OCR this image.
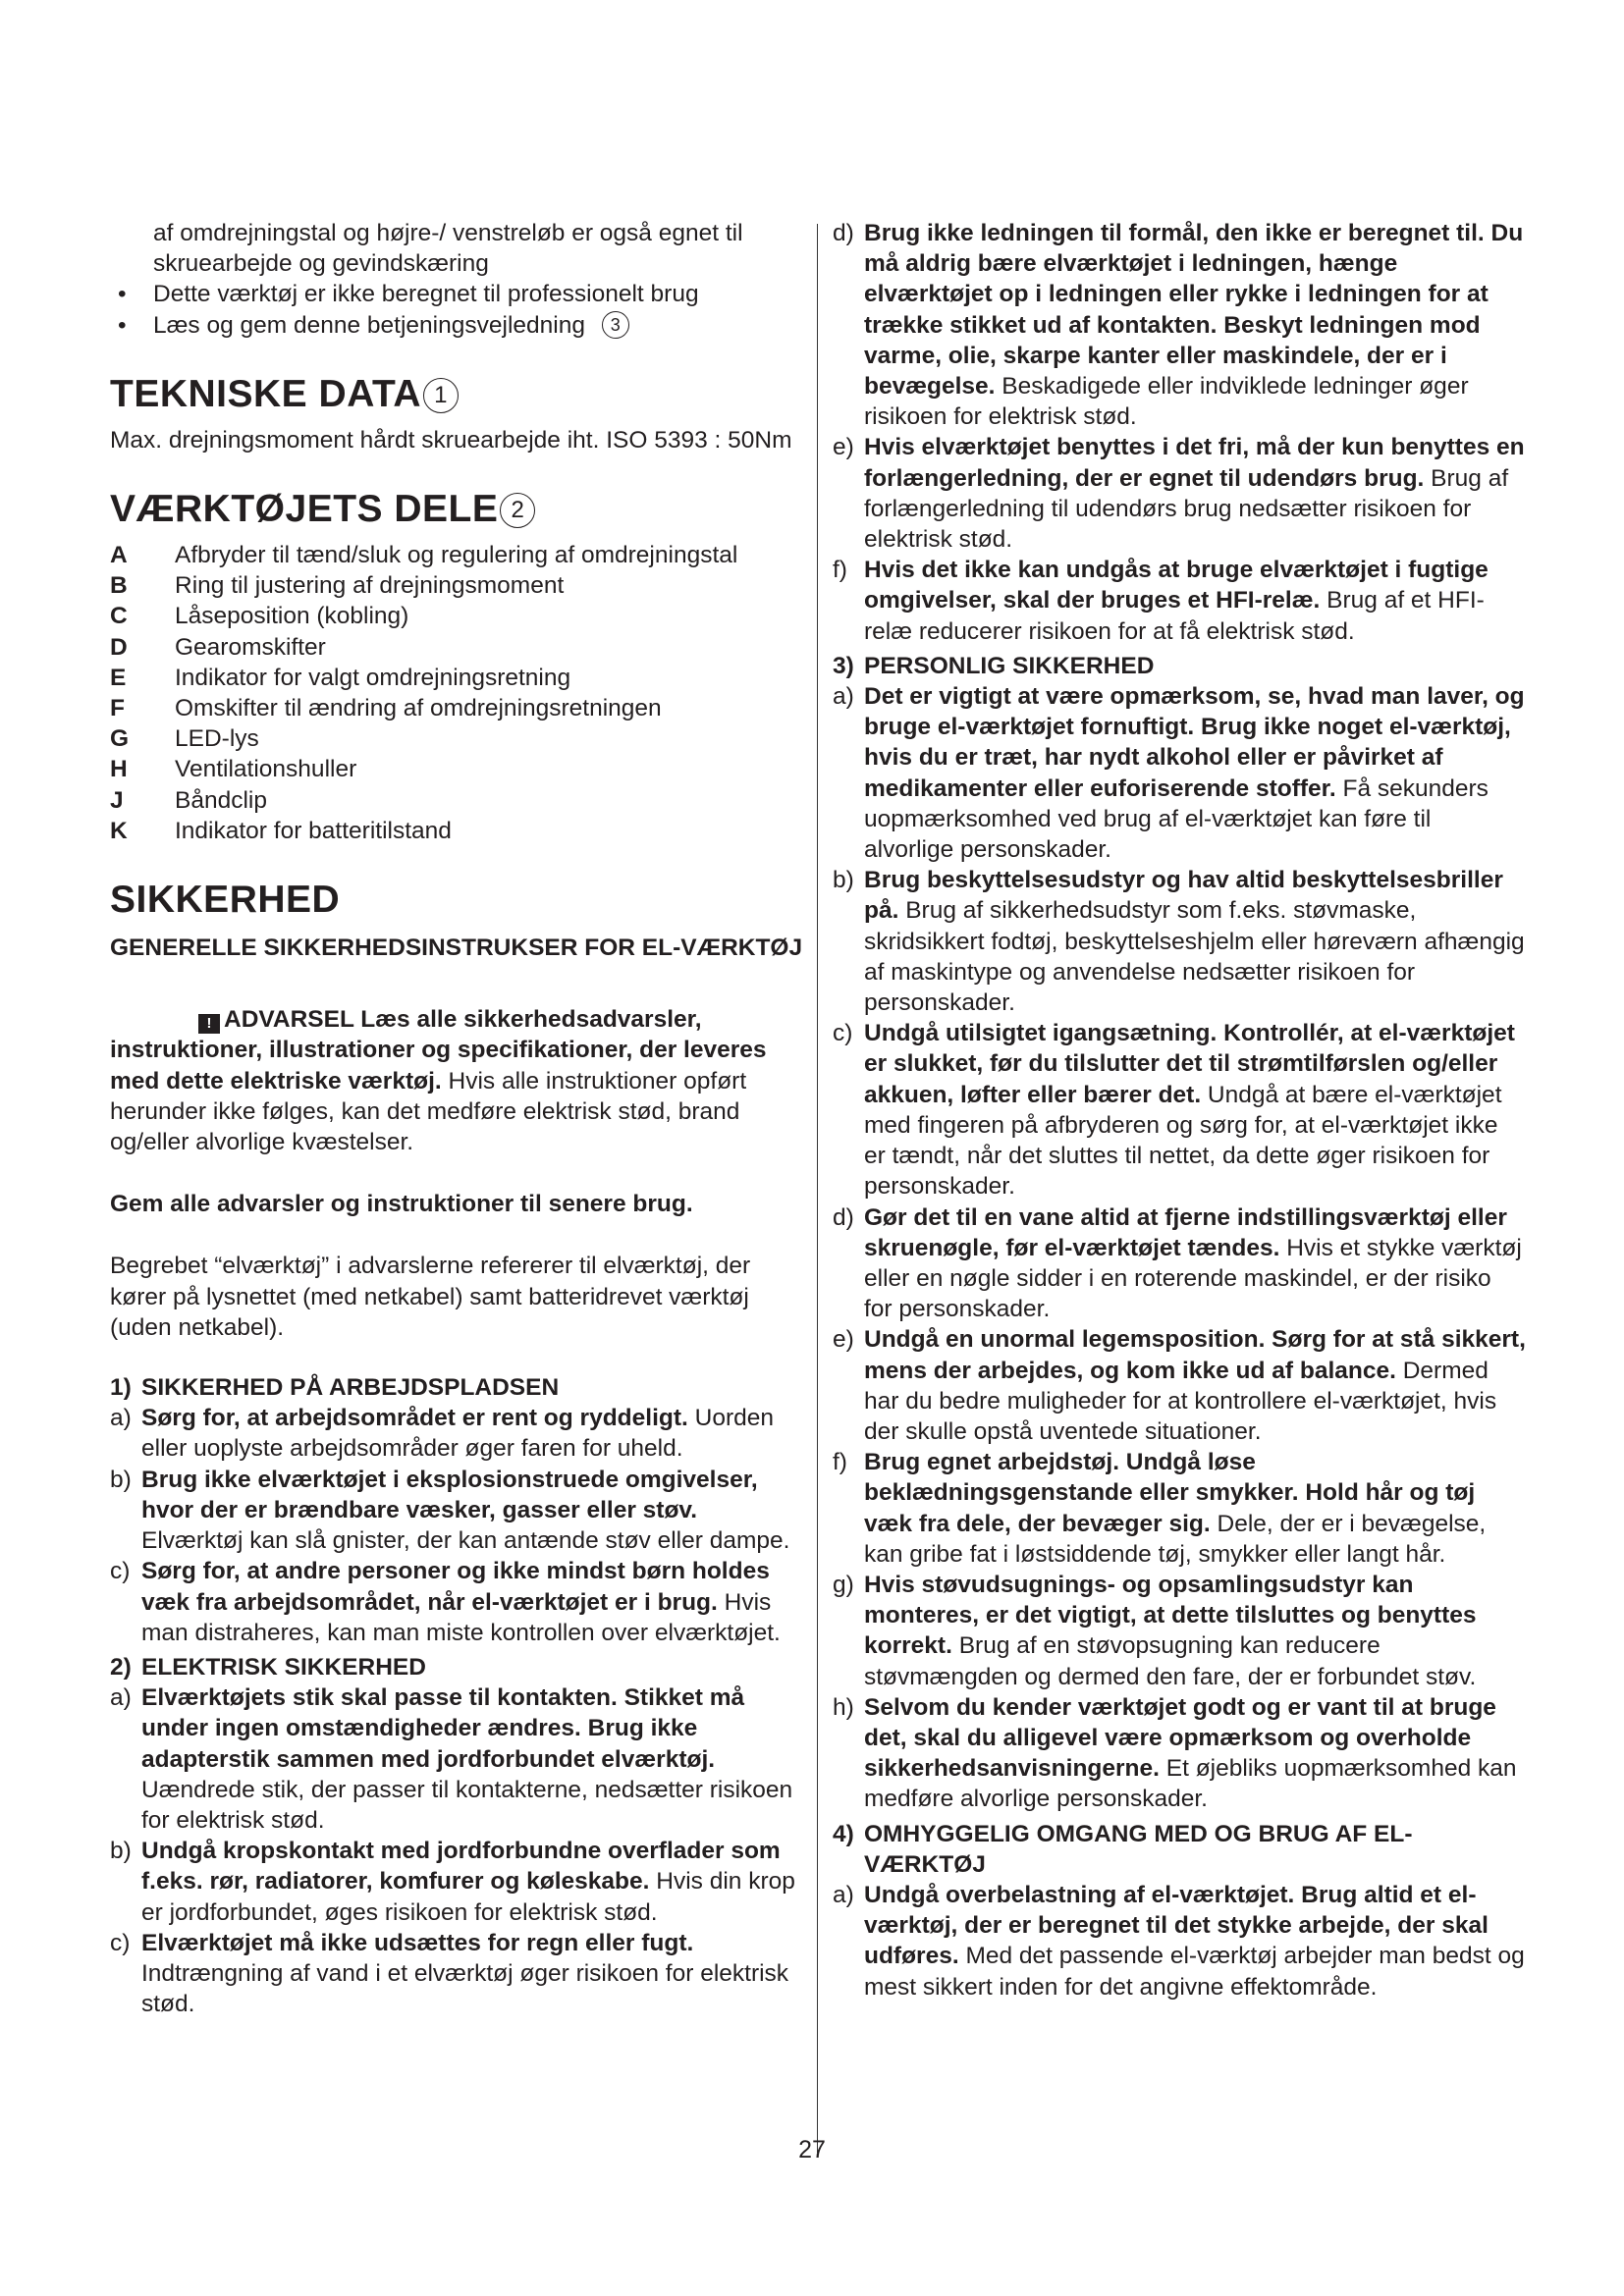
af omdrejningstal og højre-/ venstreløb er også egnet til skruearbejde og gevindskæring

• Dette værktøj er ikke beregnet til professionelt brug
• Læs og gem denne betjeningsvejledning 3
TEKNISKE DATA 1

Max. drejningsmoment hårdt skruearbejde iht. ISO 5393 : 50Nm

VÆRKTØJETS DELE 2
A	Afbryder til tænd/sluk og regulering af omdrejningstal
B	Ring til justering af drejningsmoment
C	Låseposition (kobling)
D	Gearomskifter
E	Indikator for valgt omdrejningsretning
F	Omskifter til ændring af omdrejningsretningen
G	LED-lys
H	Ventilationshuller
J	Båndclip
K	Indikator for batteritilstand
SIKKERHED
GENERELLE SIKKERHEDSINSTRUKSER FOR EL-VÆRKTØJ

! ADVARSEL Læs alle sikkerhedsadvarsler, instruktioner, illustrationer og specifikationer, der leveres med dette elektriske værktøj. Hvis alle instruktioner opført herunder ikke følges, kan det medføre elektrisk stød, brand og/eller alvorlige kvæstelser.

Gem alle advarsler og instruktioner til senere brug.

Begrebet “elværktøj” i advarslerne refererer til elværktøj, der kører på lysnettet (med netkabel) samt batteridrevet værktøj (uden netkabel).

1) SIKKERHED PÅ ARBEJDSPLADSEN
a) Sørg for, at arbejdsområdet er rent og ryddeligt. Uorden eller uoplyste arbejdsområder øger faren for uheld.
b) Brug ikke elværktøjet i eksplosionstruede omgivelser, hvor der er brændbare væsker, gasser eller støv. Elværktøj kan slå gnister, der kan antænde støv eller dampe.
c) Sørg for, at andre personer og ikke mindst børn holdes væk fra arbejdsområdet, når el-værktøjet er i brug. Hvis man distraheres, kan man miste kontrollen over elværktøjet.
2) ELEKTRISK SIKKERHED
a) Elværktøjets stik skal passe til kontakten. Stikket må under ingen omstændigheder ændres. Brug ikke adapterstik sammen med jordforbundet elværktøj. Uændrede stik, der passer til kontakterne, nedsætter risikoen for elektrisk stød.
b) Undgå kropskontakt med jordforbundne overflader som f.eks. rør, radiatorer, komfurer og køleskabe. Hvis din krop er jordforbundet, øges risikoen for elektrisk stød.
c) Elværktøjet må ikke udsættes for regn eller fugt. Indtrængning af vand i et elværktøj øger risikoen for elektrisk stød.
d) Brug ikke ledningen til formål, den ikke er beregnet til. Du må aldrig bære elværktøjet i ledningen, hænge elværktøjet op i ledningen eller rykke i ledningen for at trække stikket ud af kontakten. Beskyt ledningen mod varme, olie, skarpe kanter eller maskindele, der er i bevægelse. Beskadigede eller indviklede ledninger øger risikoen for elektrisk stød.
e) Hvis elværktøjet benyttes i det fri, må der kun benyttes en forlængerledning, der er egnet til udendørs brug. Brug af forlængerledning til udendørs brug nedsætter risikoen for elektrisk stød.
f) Hvis det ikke kan undgås at bruge elværktøjet i fugtige omgivelser, skal der bruges et HFI-relæ. Brug af et HFI-relæ reducerer risikoen for at få elektrisk stød.
3) PERSONLIG SIKKERHED
a) Det er vigtigt at være opmærksom, se, hvad man laver, og bruge el-værktøjet fornuftigt. Brug ikke noget el-værktøj, hvis du er træt, har nydt alkohol eller er påvirket af medikamenter eller euforiserende stoffer. Få sekunders uopmærksomhed ved brug af el-værktøjet kan føre til alvorlige personskader.
b) Brug beskyttelsesudstyr og hav altid beskyttelsesbriller på. Brug af sikkerhedsudstyr som f.eks. støvmaske, skridsikkert fodtøj, beskyttelseshjelm eller høreværn afhængig af maskintype og anvendelse nedsætter risikoen for personskader.
c) Undgå utilsigtet igangsætning. Kontrollér, at el-værktøjet er slukket, før du tilslutter det til strømtilførslen og/eller akkuen, løfter eller bærer det. Undgå at bære el-værktøjet med fingeren på afbryderen og sørg for, at el-værktøjet ikke er tændt, når det sluttes til nettet, da dette øger risikoen for personskader.
d) Gør det til en vane altid at fjerne indstillingsværktøj eller skruenøgle, før el-værktøjet tændes. Hvis et stykke værktøj eller en nøgle sidder i en roterende maskindel, er der risiko for personskader.
e) Undgå en unormal legemsposition. Sørg for at stå sikkert, mens der arbejdes, og kom ikke ud af balance. Dermed har du bedre muligheder for at kontrollere el-værktøjet, hvis der skulle opstå uventede situationer.
f) Brug egnet arbejdstøj. Undgå løse beklædningsgenstande eller smykker. Hold hår og tøj væk fra dele, der bevæger sig. Dele, der er i bevægelse, kan gribe fat i løstsiddende tøj, smykker eller langt hår.
g) Hvis støvudsugnings- og opsamlingsudstyr kan monteres, er det vigtigt, at dette tilsluttes og benyttes korrekt. Brug af en støvopsugning kan reducere støvmængden og dermed den fare, der er forbundet støv.
h) Selvom du kender værktøjet godt og er vant til at bruge det, skal du alligevel være opmærksom og overholde sikkerhedsanvisningerne. Et øjebliks uopmærksomhed kan medføre alvorlige personskader.
4) OMHYGGELIG OMGANG MED OG BRUG AF EL-VÆRKTØJ
a) Undgå overbelastning af el-værktøjet. Brug altid et el-værktøj, der er beregnet til det stykke arbejde, der skal udføres. Med det passende el-værktøj arbejder man bedst og mest sikkert inden for det angivne effektområde.
27
